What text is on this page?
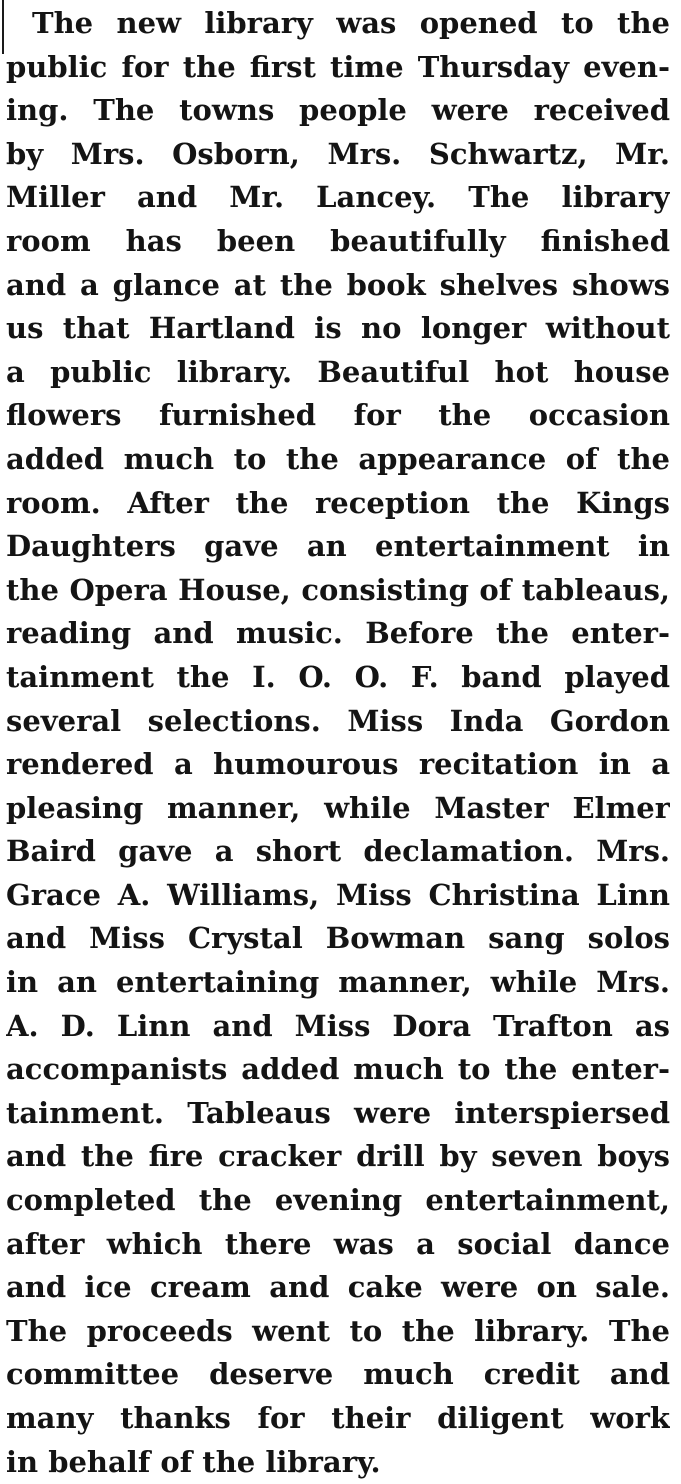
The new library was opened to the
public for the first time Thursday even-
ing. The towns people were received
by Mrs. Osborn, Mrs. Schwartz, Mr.
Miller and Mr. Lancey. The library
room has been beautifully finished
and a glance at the book shelves shows
us that Hartland is no longer without
a public library. Beautiful hot house
flowers furnished for the occasion
added much to the appearance of the
room. After the reception the Kings
Daughters gave an entertainment in
the Opera House, consisting of tableaus,
reading and music. Before the enter-
tainment the I. O. O. F. band played
several selections. Miss Inda Gordon
rendered a humourous recitation in a
pleasing manner, while Master Elmer
Baird gave a short declamation. Mrs.
Grace A. Williams, Miss Christina Linn
and Miss Crystal Bowman sang solos
in an entertaining manner, while Mrs.
A. D. Linn and Miss Dora Trafton as
accompanists added much to the enter-
tainment. Tableaus were interspiersed
and the fire cracker drill by seven boys
completed the evening entertainment,
after which there was a social dance
and ice cream and cake were on sale.
The proceeds went to the library. The
committee deserve much credit and
many thanks for their diligent work
in behalf of the library.
